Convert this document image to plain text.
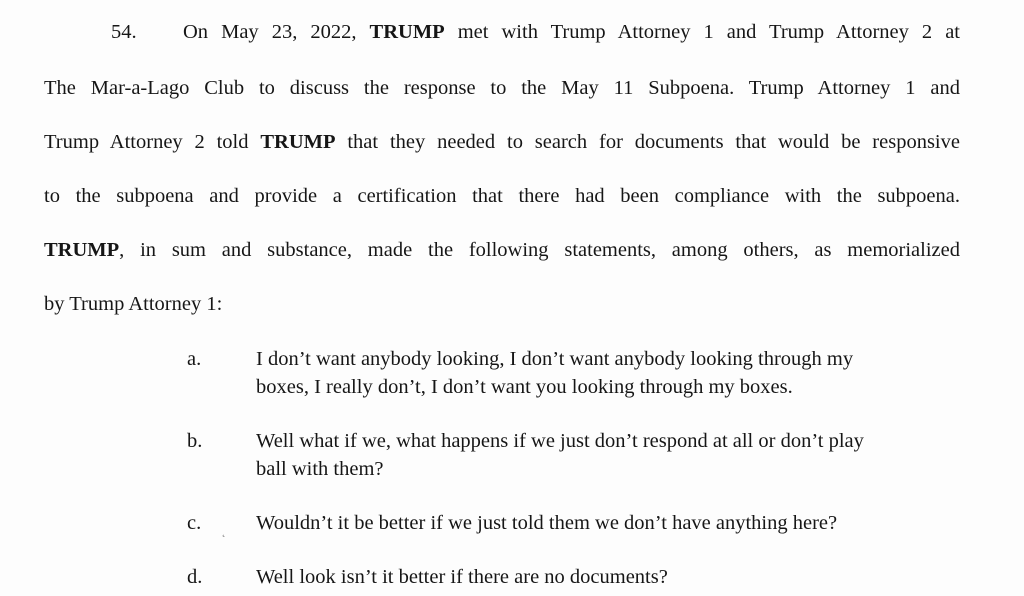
54. On May 23, 2022, TRUMP met with Trump Attorney 1 and Trump Attorney 2 at
The Mar-a-Lago Club to discuss the response to the May 11 Subpoena. Trump Attorney 1 and
Trump Attorney 2 told TRUMP that they needed to search for documents that would be responsive
to the subpoena and provide a certification that there had been compliance with the subpoena.
TRUMP, in sum and substance, made the following statements, among others, as memorialized
by Trump Attorney 1:
a.	I don’t want anybody looking, I don’t want anybody looking through my
boxes, I really don’t, I don’t want you looking through my boxes.
b.	Well what if we, what happens if we just don’t respond at all or don’t play
ball with them?
c. ˛ Wouldn’t it be better if we just told them we don’t have anything here?
d.	Well look isn’t it better if there are no documents?
